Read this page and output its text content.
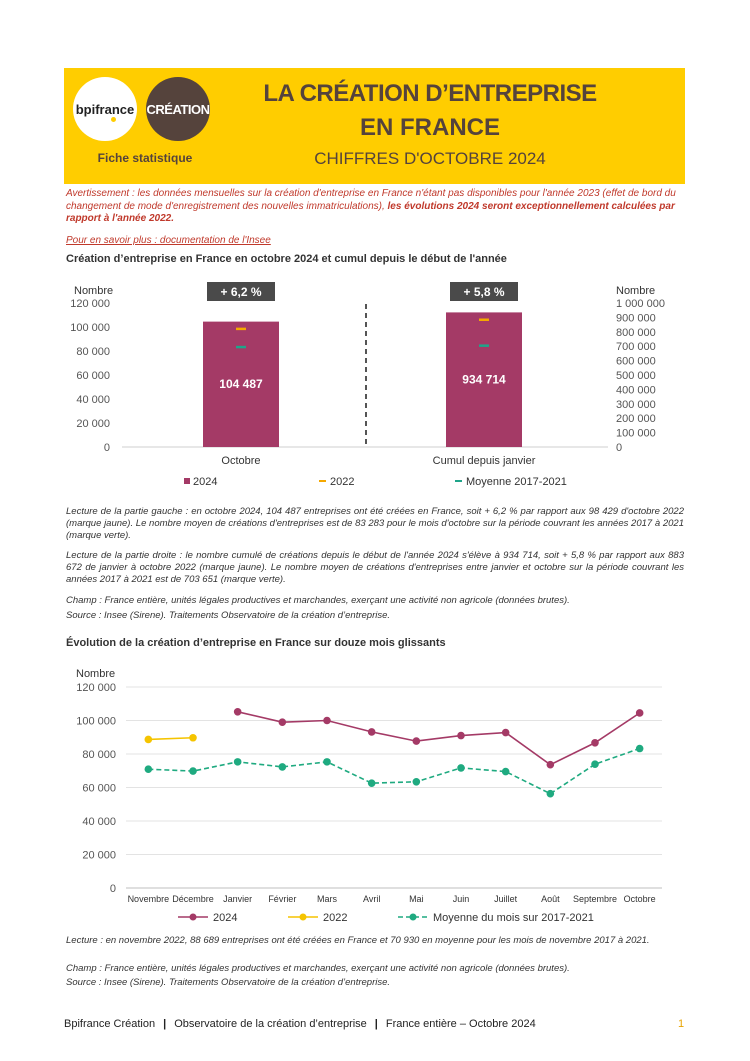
bpifrance CRÉATION
Fiche statistique
LA CRÉATION D’ENTREPRISE
EN FRANCE
CHIFFRES D'OCTOBRE 2024
Avertissement : les données mensuelles sur la création d'entreprise en France n'étant pas disponibles pour l'année 2023 (effet de bord du changement de mode d'enregistrement des nouvelles immatriculations), les évolutions 2024 seront exceptionnellement calculées par rapport à l'année 2022.
Pour en savoir plus : documentation de l'Insee
Création d’entreprise en France en octobre 2024 et cumul depuis le début de l'année
Nombre	Nombre
120 000
100 000
80 000
60 000
40 000
20 000
0
1 000 000
900 000
800 000
700 000
600 000
500 000
400 000
300 000
200 000
100 000
0
104 487
+ 6,2 %
Octobre
934 714
+ 5,8 %
Cumul depuis janvier
2024	2022	Moyenne 2017-2021
Lecture de la partie gauche : en octobre 2024, 104 487 entreprises ont été créées en France, soit + 6,2 % par rapport aux 98 429 d'octobre 2022 (marque jaune). Le nombre moyen de créations d'entreprises est de 83 283 pour le mois d'octobre sur la période couvrant les années 2017 à 2021 (marque verte).
Lecture de la partie droite : le nombre cumulé de créations depuis le début de l'année 2024 s'élève à 934 714, soit + 5,8 % par rapport aux 883 672 de janvier à octobre 2022 (marque jaune). Le nombre moyen de créations d'entreprises entre janvier et octobre sur la période couvrant les années 2017 à 2021 est de 703 651 (marque verte).
Champ : France entière, unités légales productives et marchandes, exerçant une activité non agricole (données brutes).
Source : Insee (Sirene). Traitements Observatoire de la création d’entreprise.
Évolution de la création d’entreprise en France sur douze mois glissants
Nombre
120 000
100 000
80 000
60 000
40 000
20 000
0
Novembre Décembre Janvier Février Mars	Avril	Mai	Juin	Juillet	Août Septembre Octobre
2024	2022	Moyenne du mois sur 2017-2021
Lecture : en novembre 2022, 88 689 entreprises ont été créées en France et 70 930 en moyenne pour les mois de novembre 2017 à 2021.
Champ : France entière, unités légales productives et marchandes, exerçant une activité non agricole (données brutes).
Source : Insee (Sirene). Traitements Observatoire de la création d’entreprise.
Bpifrance Création | Observatoire de la création d’entreprise | France entière – Octobre 2024	1
